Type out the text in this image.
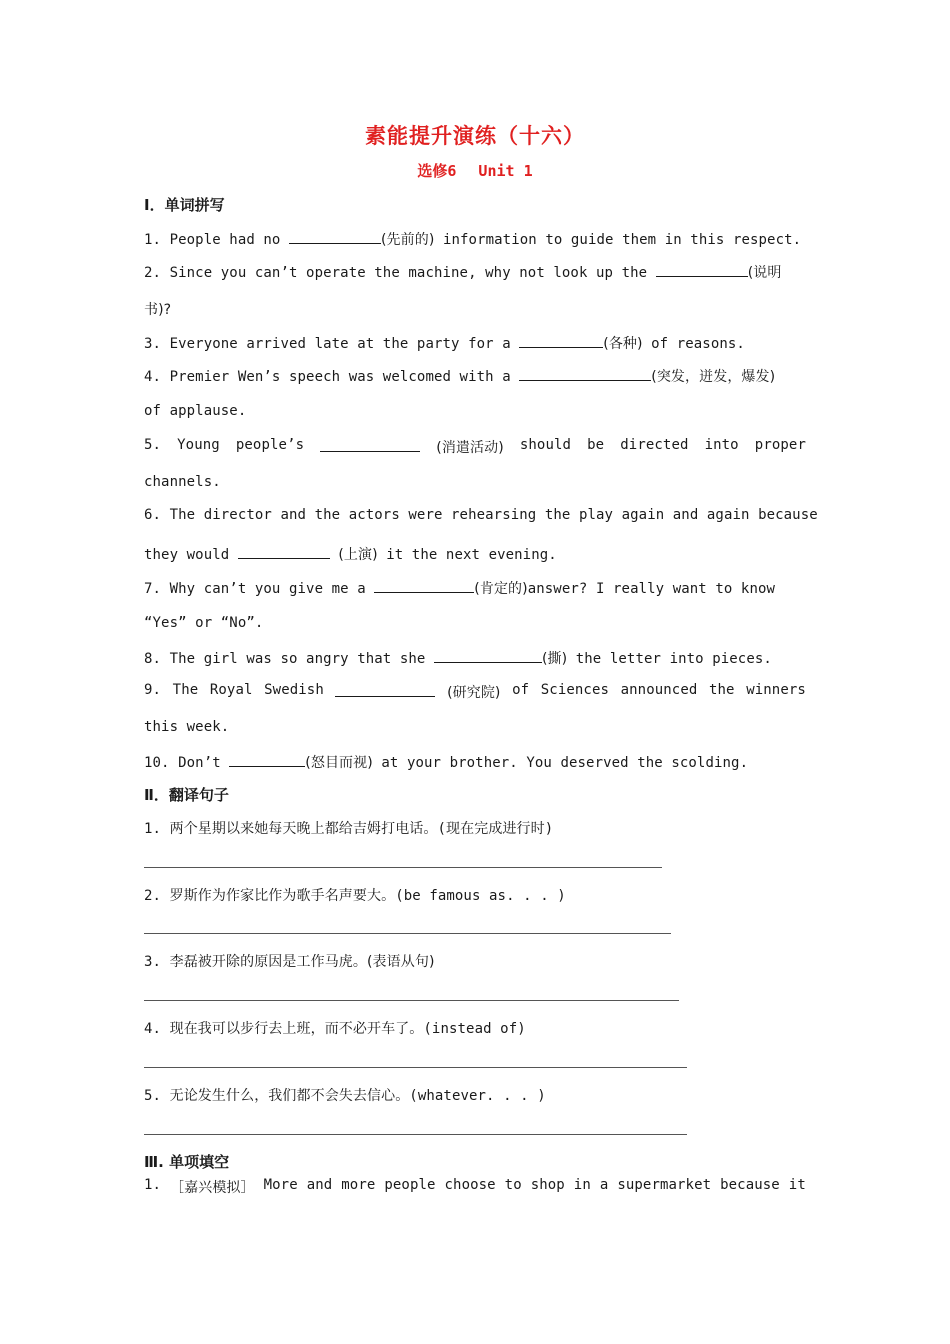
素能提升演练（十六）
选修6 Unit 1
Ⅰ．单词拼写
1. People had no	(先前的) information to guide them in this respect.
2. Since you can’t operate the machine, why not look up the	(说明
书)?
3. Everyone arrived late at the party for a	(各种) of reasons.
4. Premier Wen’s speech was welcomed with a	(突发，迸发，爆发)
of applause.
5. Young people’s	(消遣活动) should be directed into proper
channels.
6. The director and the actors were rehearsing the play again and again because
they would	(上演) it the next evening.
7. Why can’t you give me a	(肯定的)answer? I really want to know
“Yes” or “No”.
8. The girl was so angry that she	(撕) the letter into pieces.
9. The Royal Swedish	(研究院) of Sciences announced the winners
this week.
10. Don’t	(怒目而视) at your brother. You deserved the scolding.
Ⅱ．翻译句子
1. 两个星期以来她每天晚上都给吉姆打电话。(现在完成进行时)
2. 罗斯作为作家比作为歌手名声要大。(be famous as. . . )
3. 李磊被开除的原因是工作马虎。(表语从句)
4. 现在我可以步行去上班，而不必开车了。(instead of)
5. 无论发生什么，我们都不会失去信心。(whatever. . . )
Ⅲ. 单项填空
1. ［嘉兴模拟］ More and more people choose to shop in a supermarket because it
